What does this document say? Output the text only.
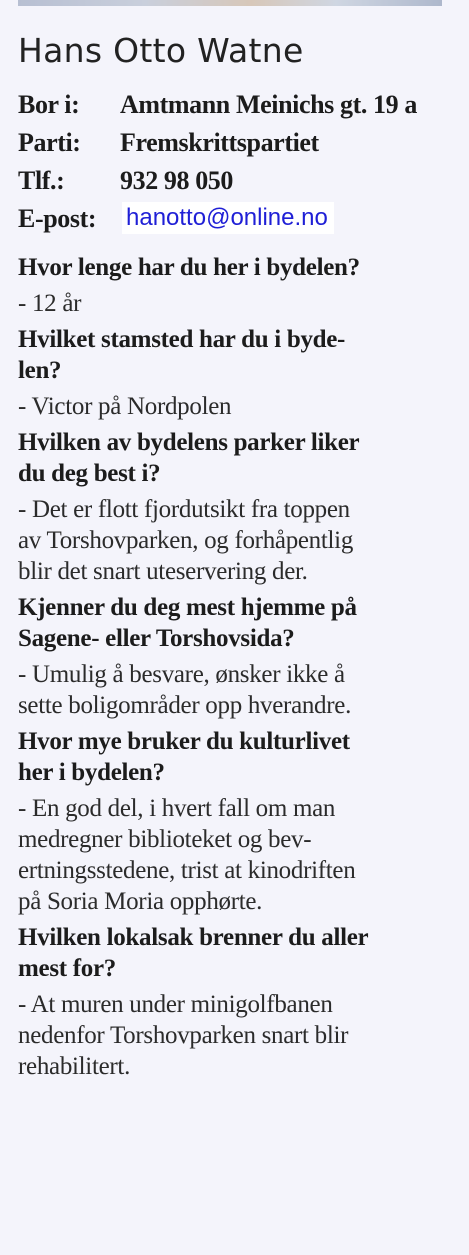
Hans Otto Watne
Bor i: Amtmann Meinichs gt. 19 a
Parti: Fremskrittspartiet
Tlf.: 932 98 050
E-post: hanotto@online.no

Hvor lenge har du her i bydelen?

- 12 år

Hvilket stamsted har du i byde-
len?

- Victor på Nordpolen

Hvilken av bydelens parker liker
du deg best i?

- Det er flott fjordutsikt fra toppen
av Torshovparken, og forhåpentlig
blir det snart uteservering der.

Kjenner du deg mest hjemme på
Sagene- eller Torshovsida?

- Umulig å besvare, ønsker ikke å
sette boligområder opp hverandre.

Hvor mye bruker du kulturlivet
her i bydelen?

- En god del, i hvert fall om man
medregner biblioteket og bev-
ertningsstedene, trist at kinodriften
på Soria Moria opphørte.

Hvilken lokalsak brenner du aller
mest for?

- At muren under minigolfbanen
nedenfor Torshovparken snart blir
rehabilitert.
